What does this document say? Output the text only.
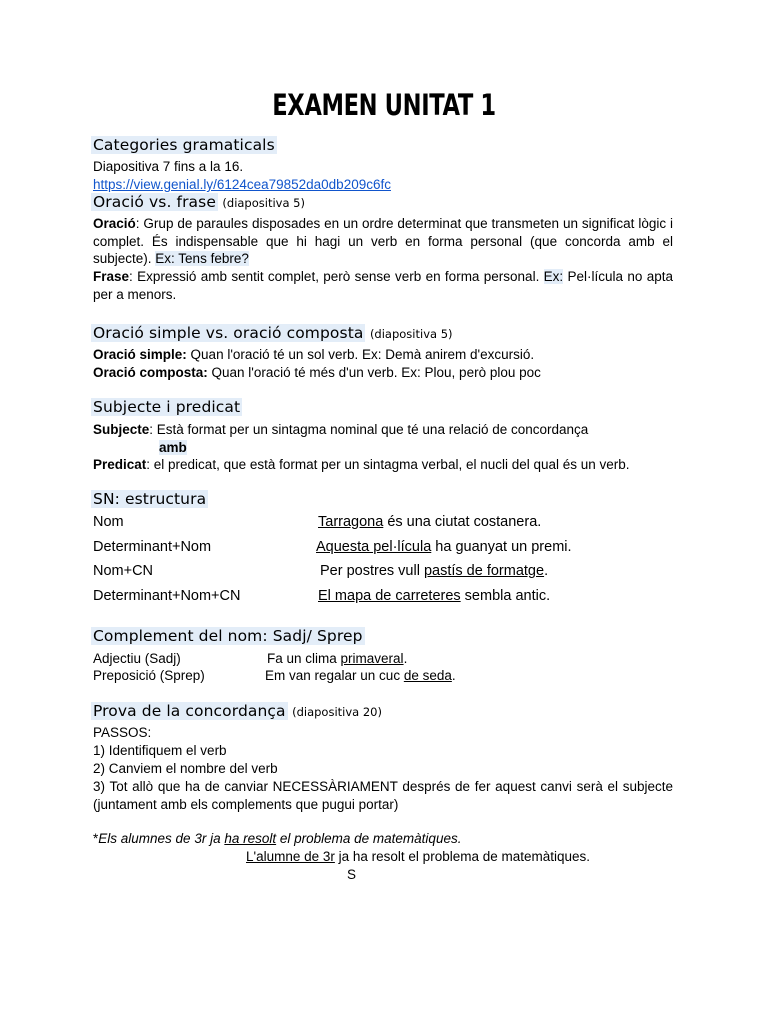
EXAMEN UNITAT 1
Categories gramaticals
Diapositiva 7 fins a la 16.
https://view.genial.ly/6124cea79852da0db209c6fc
Oració vs. frase (diapositiva 5)
Oració: Grup de paraules disposades en un ordre determinat que transmeten un significat lògic i complet. És indispensable que hi hagi un verb en forma personal (que concorda amb el subjecte). Ex: Tens febre?
Frase: Expressió amb sentit complet, però sense verb en forma personal. Ex: Pel·lícula no apta per a menors.
Oració simple vs. oració composta (diapositiva 5)
Oració simple: Quan l'oració té un sol verb. Ex: Demà anirem d'excursió.
Oració composta: Quan l'oració té més d'un verb. Ex: Plou, però plou poc
Subjecte i predicat
Subjecte: Està format per un sintagma nominal que té una relació de concordança
amb
Predicat: el predicat, que està format per un sintagma verbal, el nucli del qual és un verb.
SN: estructura
Nom	Tarragona és una ciutat costanera.
Determinant+Nom	Aquesta pel·lícula ha guanyat un premi.
Nom+CN	Per postres vull pastís de formatge.
Determinant+Nom+CN	El mapa de carreteres sembla antic.
Complement del nom: Sadj/ Sprep
Adjectiu (Sadj)	Fa un clima primaveral.
Preposició (Sprep)	Em van regalar un cuc de seda.
Prova de la concordança (diapositiva 20)
PASSOS:
1) Identifiquem el verb
2) Canviem el nombre del verb
3) Tot allò que ha de canviar NECESSÀRIAMENT després de fer aquest canvi serà el subjecte (juntament amb els complements que pugui portar)
*Els alumnes de 3r ja ha resolt el problema de matemàtiques.
L'alumne de 3r ja ha resolt el problema de matemàtiques.
S
